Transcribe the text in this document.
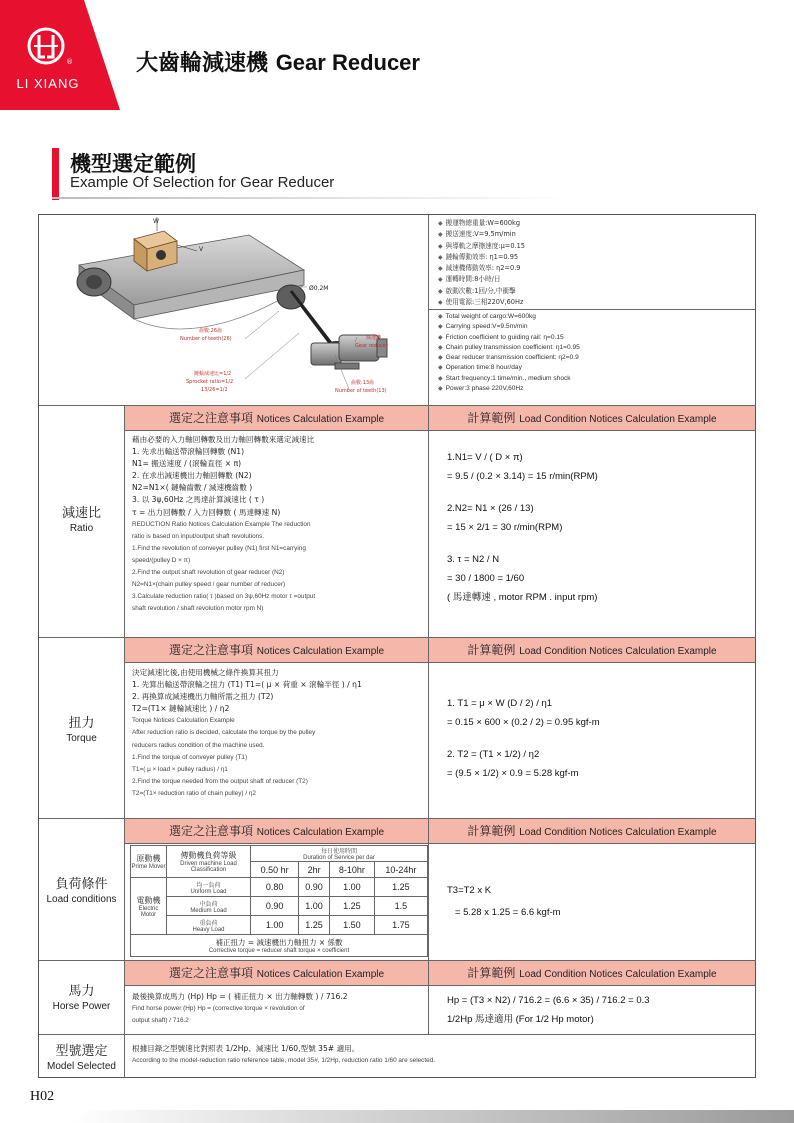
®
LI XIANG
大齒輪減速機 Gear Reducer
機型選定範例
Example Of Selection for Gear Reducer
W
V
Ø0.2M
齒數:26齒
Number of teeth(26)	減速機
Gear reducer
鏈輪減速比=1/2
Sprocket ratio=1/2
13/26=1/2
齒數:13齒
Number of teeth(13)
◆ 搬運物總重量:W=600kg
◆ 搬送速度:V=9.5m/min
◆ 與導軌之摩擦速度:μ=0.15
◆ 鏈輪傳動效率: η1=0.95
◆ 減速機傳動效率: η2=0.9
◆ 運轉時間:8小時/日
◆ 啟動次數:1回/分,中衝擊
◆ 使用電源:三相220V,60Hz
◆ Total weight of cargo:W=600kg
◆ Carrying speed:V=9.5m/min
◆ Friction coefficient to guiding rail: η=0.15
◆ Chain pulley transmission coefficient: η1=0.95
◆ Gear reducer transmission coefficient: η2=0.9
◆ Operation time:8 hour/day
◆ Start frequency:1 time/min., medium shock
◆ Power:3 phase 220V,60Hz
減速比
Ratio
選定之注意事項 Notices Calculation Example	計算範例 Load Condition Notices Calculation Example
藉由必要的入力軸回轉數及出力軸回轉數來選定減速比
1. 先求出輸送帶滾輪回轉數 (N1)
N1= 搬送速度 / (滾輪直徑 × π)
2. 在求出減速機出力軸回轉數 (N2)
N2=N1×( 鏈輪齒數 / 減速機齒數 )
3. 以 3ψ,60Hz 之馬達計算減速比 ( τ )
τ = 出力回轉數 / 入力回轉數 ( 馬達轉速 N)
REDUCTION Ratio Notices Calculation Example The reduction
ratio is based on input/output shaft revolutions.
1.Find the revolution of conveyer pulley (N1) first N1=carrying
speed/(pulley D × π)
2.Find the output shaft revolution of gear reducer (N2)
N2=N1×(chain pulley speed / gear number of reducer)
3.Calculate reduction ratio( τ )based on 3ψ,60Hz motor τ =output
shaft revolution / shaft revolution motor rpm N)
1.N1= V / ( D × π)
= 9.5 / (0.2 × 3.14) = 15 r/min(RPM)
2.N2= N1 × (26 / 13)
= 15 × 2/1 = 30 r/min(RPM)
3. τ = N2 / N
= 30 / 1800 = 1/60
( 馬達轉速 , motor RPM . input rpm)
扭力
Torque
選定之注意事項 Notices Calculation Example	計算範例 Load Condition Notices Calculation Example
決定減速比後,由使用機械之條件換算其扭力
1. 先算出輸送帶滾輪之扭力 (T1) T1=( μ × 荷重 × 滾輪半徑 ) / η1
2. 再換算成減速機出力軸所需之扭力 (T2)
T2=(T1× 鏈輪減速比 ) / η2
Torque Notices Calculation Example
After reduction ratio is decided, calculate the torque by the pulley
reducers radius condition of the machine used.
1.Find the torque of conveyer pulley (T1)
T1=( μ × load × pulley radius) / η1
2.Find the torque needed from the output shaft of reducer (T2)
T2=(T1× reduction ratio of chain pulley) / η2
1. T1 = μ × W (D / 2) / η1
= 0.15 × 600 × (0.2 / 2) = 0.95 kgf-m
2. T2 = (T1 × 1/2) / η2
= (9.5 × 1/2) × 0.9 = 5.28 kgf-m
負荷條件
Load conditions
選定之注意事項 Notices Calculation Example	計算範例 Load Condition Notices Calculation Example
原動機
Prime Mover	傳動機負荷等級
Driven machine Load Classification	每日使用時間
Duration of Service per dar			

		0.50 hr	2hr	8-10hr	10-24hr
電動機
Electric Motor	均一負荷
Uniform Load	0.80	0.90	1.00	1.25

	中負荷
Medium Load	0.90	1.00	1.25	1.5

	重負荷
Heavy Load	1.00	1.25	1.50	1.75
補正扭力 = 減速機出力軸扭力 × 係數
Corrective torque = reducer shaft torque × coefficient					
T3=T2 x K
= 5.28 x 1.25 = 6.6 kgf-m
馬力
Horse Power
選定之注意事項 Notices Calculation Example	計算範例 Load Condition Notices Calculation Example
最後換算成馬力 (Hp) Hp = ( 補正扭力 × 出力軸轉數 ) / 716.2
Find horse power (Hp) Hp = (corrective torque × revolution of
output shaft) / 716.2
Hp = (T3 × N2) / 716.2 = (6.6 × 35) / 716.2 = 0.3
1/2Hp 馬達適用 (For 1/2 Hp motor)
型號選定
Model Selected
根據目錄之型號速比對照表 1/2Hp、減速比 1/60,型號 35# 適用。
According to the model-reduction ratio reference table, model 35#, 1/2Hp, reduction ratio 1/60 are selected.
H02
